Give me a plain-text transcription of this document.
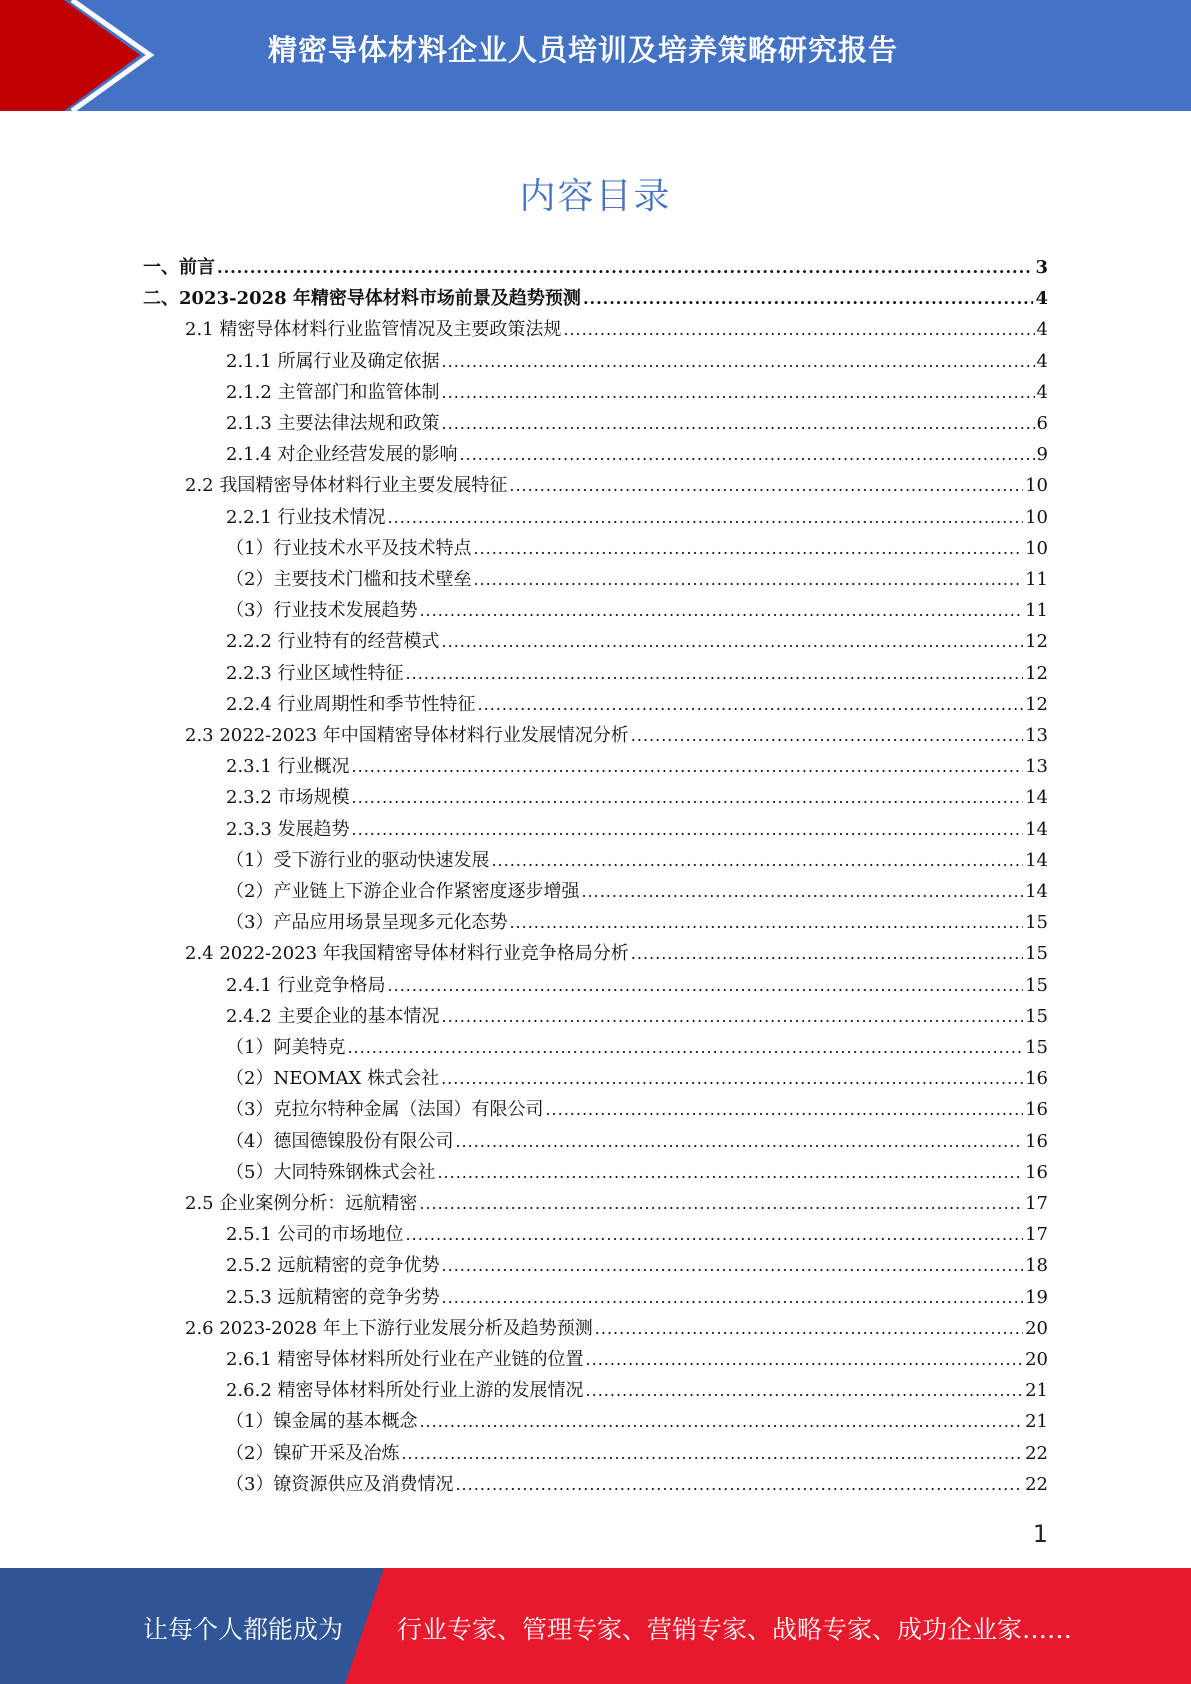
精密导体材料企业人员培训及培养策略研究报告
内容目录
一、前言 .....	3
二、2023-2028 年精密导体材料市场前景及趋势预测 .....	4
2.1 精密导体材料行业监管情况及主要政策法规 .....	4
2.1.1 所属行业及确定依据 .....	4
2.1.2 主管部门和监管体制 .....	4
2.1.3 主要法律法规和政策 .....	6
2.1.4 对企业经营发展的影响 .....	9
2.2 我国精密导体材料行业主要发展特征 .....	10
2.2.1 行业技术情况 .....	10
（1）行业技术水平及技术特点 .....	10
（2）主要技术门槛和技术壁垒 .....	11
（3）行业技术发展趋势 .....	11
2.2.2 行业特有的经营模式 .....	12
2.2.3 行业区域性特征 .....	12
2.2.4 行业周期性和季节性特征 .....	12
2.3 2022-2023 年中国精密导体材料行业发展情况分析 .....	13
2.3.1 行业概况 .....	13
2.3.2 市场规模 .....	14
2.3.3 发展趋势 .....	14
（1）受下游行业的驱动快速发展 .....	14
（2）产业链上下游企业合作紧密度逐步增强 .....	14
（3）产品应用场景呈现多元化态势 .....	15
2.4 2022-2023 年我国精密导体材料行业竞争格局分析 .....	15
2.4.1 行业竞争格局 .....	15
2.4.2 主要企业的基本情况 .....	15
（1）阿美特克 .....	15
（2）NEOMAX 株式会社 .....	16
（3）克拉尔特种金属（法国）有限公司 .....	16
（4）德国德镍股份有限公司 .....	16
（5）大同特殊钢株式会社 .....	16
2.5 企业案例分析：远航精密 .....	17
2.5.1 公司的市场地位 .....	17
2.5.2 远航精密的竞争优势 .....	18
2.5.3 远航精密的竞争劣势 .....	19
2.6 2023-2028 年上下游行业发展分析及趋势预测 .....	20
2.6.1 精密导体材料所处行业在产业链的位置 .....	20
2.6.2 精密导体材料所处行业上游的发展情况 .....	21
（1）镍金属的基本概念 .....	21
（2）镍矿开采及冶炼 .....	22
（3）镣资源供应及消费情况 .....	22
1
让每个人都能成为 行业专家、管理专家、营销专家、战略专家、成功企业家……
